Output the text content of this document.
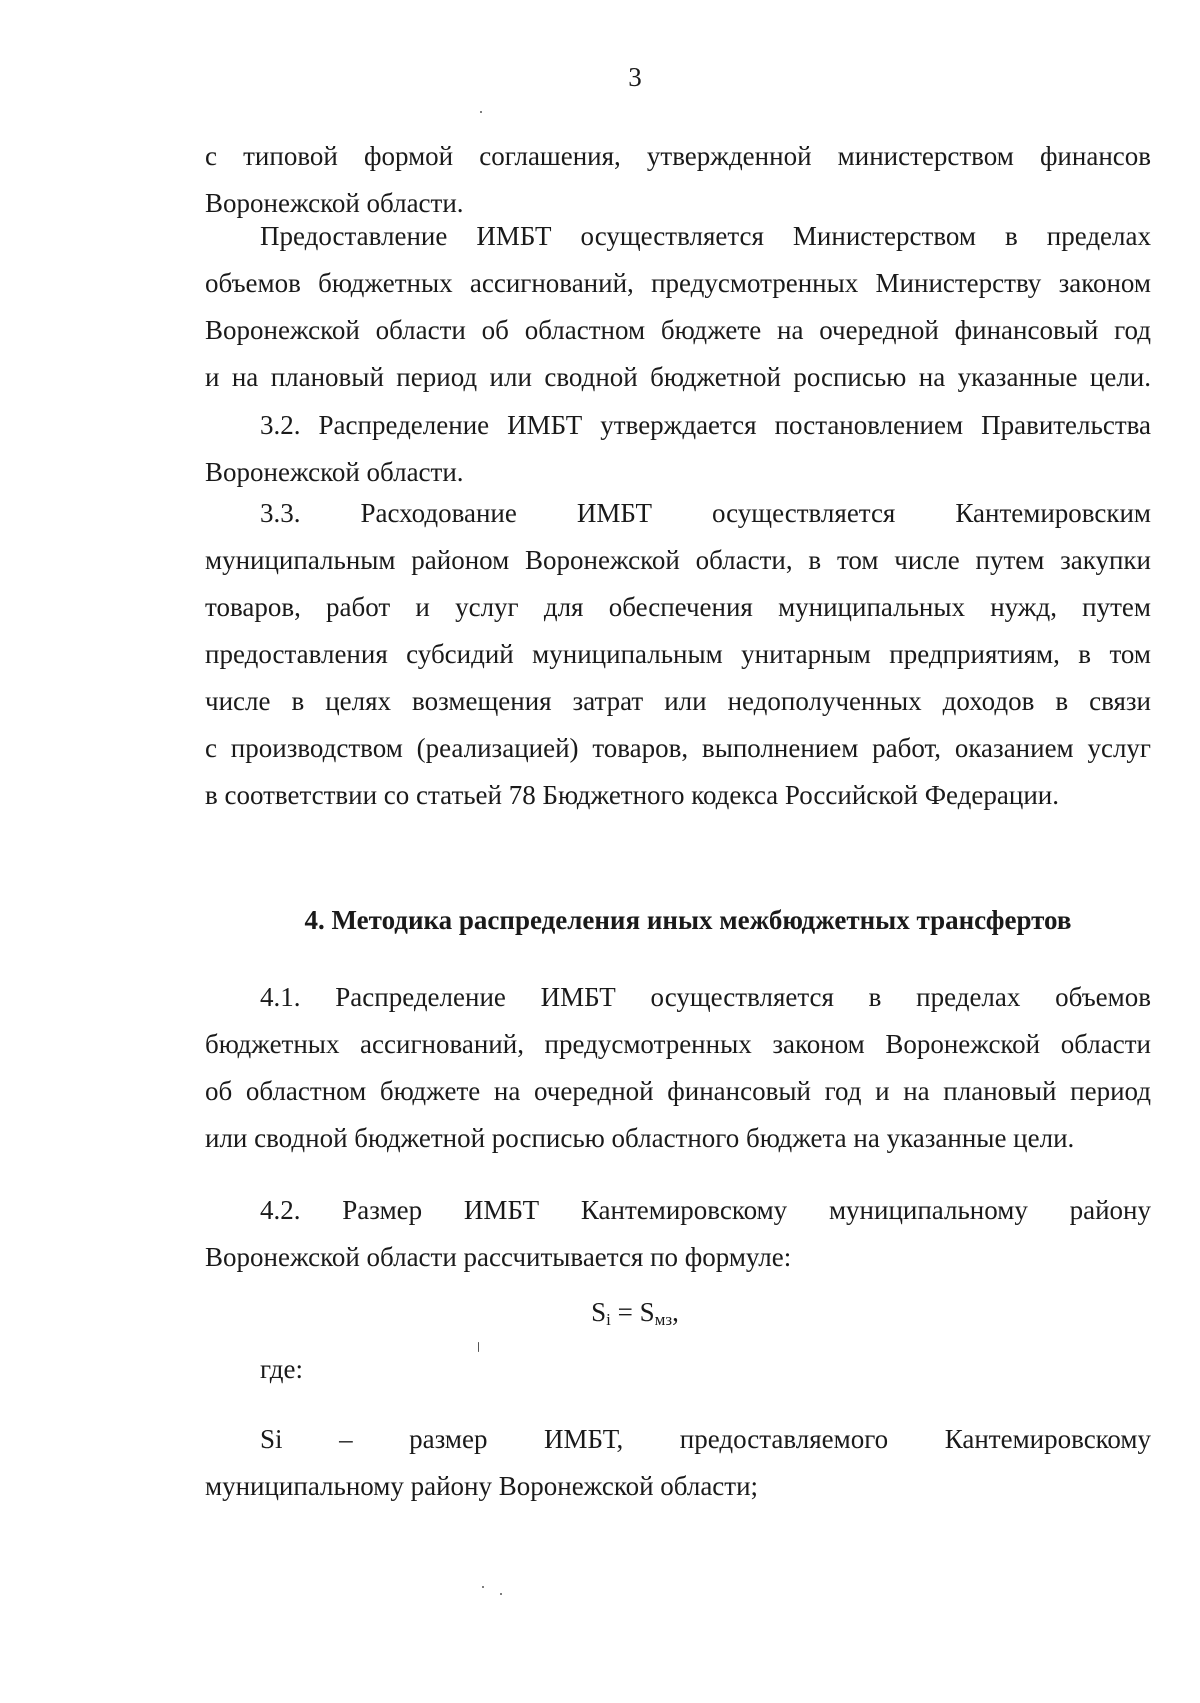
3
с типовой формой соглашения, утвержденной министерством финансов
Воронежской области.
Предоставление ИМБТ осуществляется Министерством в пределах
объемов бюджетных ассигнований, предусмотренных Министерству законом
Воронежской области об областном бюджете на очередной финансовый год
и на плановый период или сводной бюджетной росписью на указанные цели.
3.2. Распределение ИМБТ утверждается постановлением Правительства
Воронежской области.
3.3. Расходование ИМБТ осуществляется Кантемировским
муниципальным районом Воронежской области, в том числе путем закупки
товаров, работ и услуг для обеспечения муниципальных нужд, путем
предоставления субсидий муниципальным унитарным предприятиям, в том
числе в целях возмещения затрат или недополученных доходов в связи
с производством (реализацией) товаров, выполнением работ, оказанием услуг
в соответствии со статьей 78 Бюджетного кодекса Российской Федерации.
4. Методика распределения иных межбюджетных трансфертов
4.1. Распределение ИМБТ осуществляется в пределах объемов
бюджетных ассигнований, предусмотренных законом Воронежской области
об областном бюджете на очередной финансовый год и на плановый период
или сводной бюджетной росписью областного бюджета на указанные цели.
4.2. Размер ИМБТ Кантемировскому муниципальному району
Воронежской области рассчитывается по формуле:
$S_i = S_{мз}$,
где:
Si – размер ИМБТ, предоставляемого Кантемировскому
муниципальному району Воронежской области;
